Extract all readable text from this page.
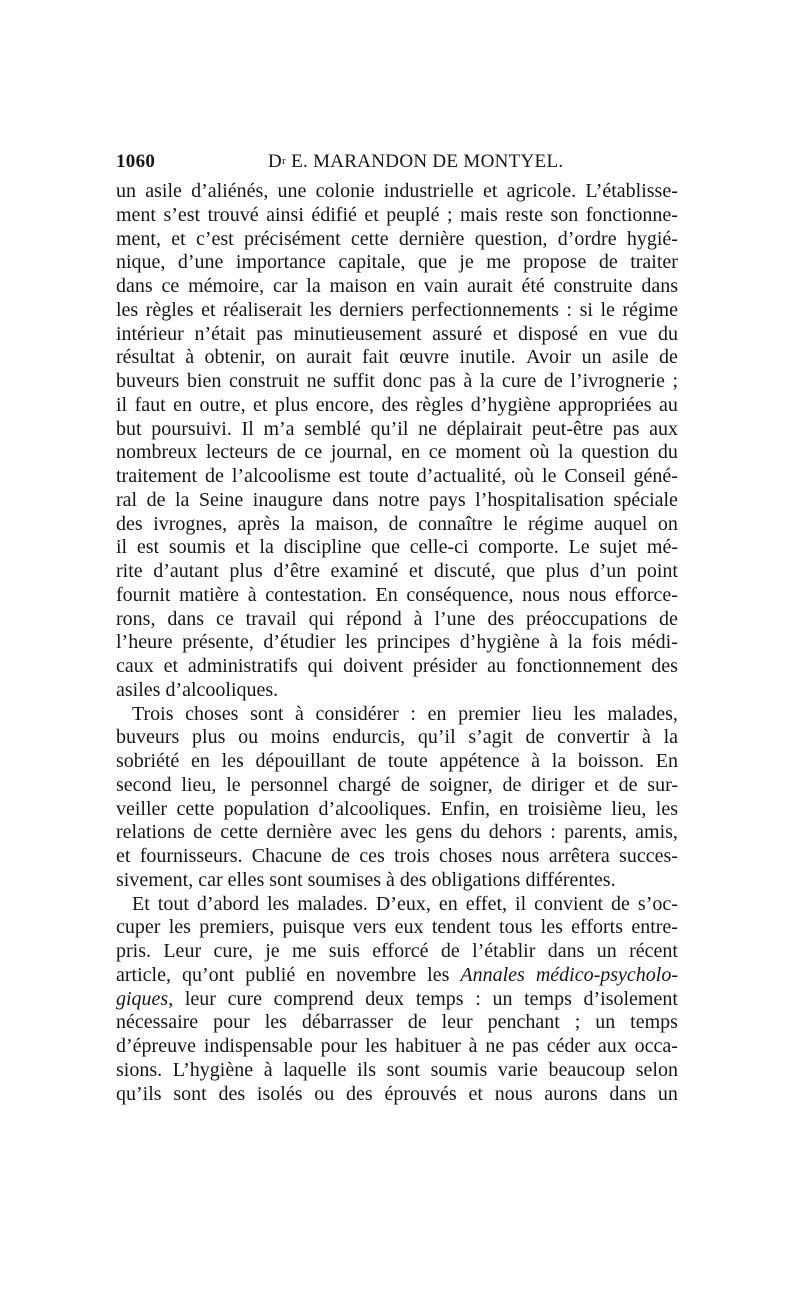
1060	$D^r$ E. MARANDON DE MONTYEL.
un asile d’aliénés, une colonie industrielle et agricole. L’établisse-
ment s’est trouvé ainsi édifié et peuplé ; mais reste son fonctionne-
ment, et c’est précisément cette dernière question, d’ordre hygié-
nique, d’une importance capitale, que je me propose de traiter
dans ce mémoire, car la maison en vain aurait été construite dans
les règles et réaliserait les derniers perfectionnements : si le régime
intérieur n’était pas minutieusement assuré et disposé en vue du
résultat à obtenir, on aurait fait œuvre inutile. Avoir un asile de
buveurs bien construit ne suffit donc pas à la cure de l’ivrognerie ;
il faut en outre, et plus encore, des règles d’hygiène appropriées au
but poursuivi. Il m’a semblé qu’il ne déplairait peut-être pas aux
nombreux lecteurs de ce journal, en ce moment où la question du
traitement de l’alcoolisme est toute d’actualité, où le Conseil géné-
ral de la Seine inaugure dans notre pays l’hospitalisation spéciale
des ivrognes, après la maison, de connaître le régime auquel on
il est soumis et la discipline que celle-ci comporte. Le sujet mé-
rite d’autant plus d’être examiné et discuté, que plus d’un point
fournit matière à contestation. En conséquence, nous nous efforce-
rons, dans ce travail qui répond à l’une des préoccupations de
l’heure présente, d’étudier les principes d’hygiène à la fois médi-
caux et administratifs qui doivent présider au fonctionnement des
asiles d’alcooliques.
Trois choses sont à considérer : en premier lieu les malades,
buveurs plus ou moins endurcis, qu’il s’agit de convertir à la
sobriété en les dépouillant de toute appétence à la boisson. En
second lieu, le personnel chargé de soigner, de diriger et de sur-
veiller cette population d’alcooliques. Enfin, en troisième lieu, les
relations de cette dernière avec les gens du dehors : parents, amis,
et fournisseurs. Chacune de ces trois choses nous arrêtera succes-
sivement, car elles sont soumises à des obligations différentes.
Et tout d’abord les malades. D’eux, en effet, il convient de s’oc-
cuper les premiers, puisque vers eux tendent tous les efforts entre-
pris. Leur cure, je me suis efforcé de l’établir dans un récent
article, qu’ont publié en novembre les Annales médico-psycholo-
giques, leur cure comprend deux temps : un temps d’isolement
nécessaire pour les débarrasser de leur penchant ; un temps
d’épreuve indispensable pour les habituer à ne pas céder aux occa-
sions. L’hygiène à laquelle ils sont soumis varie beaucoup selon
qu’ils sont des isolés ou des éprouvés et nous aurons dans un
